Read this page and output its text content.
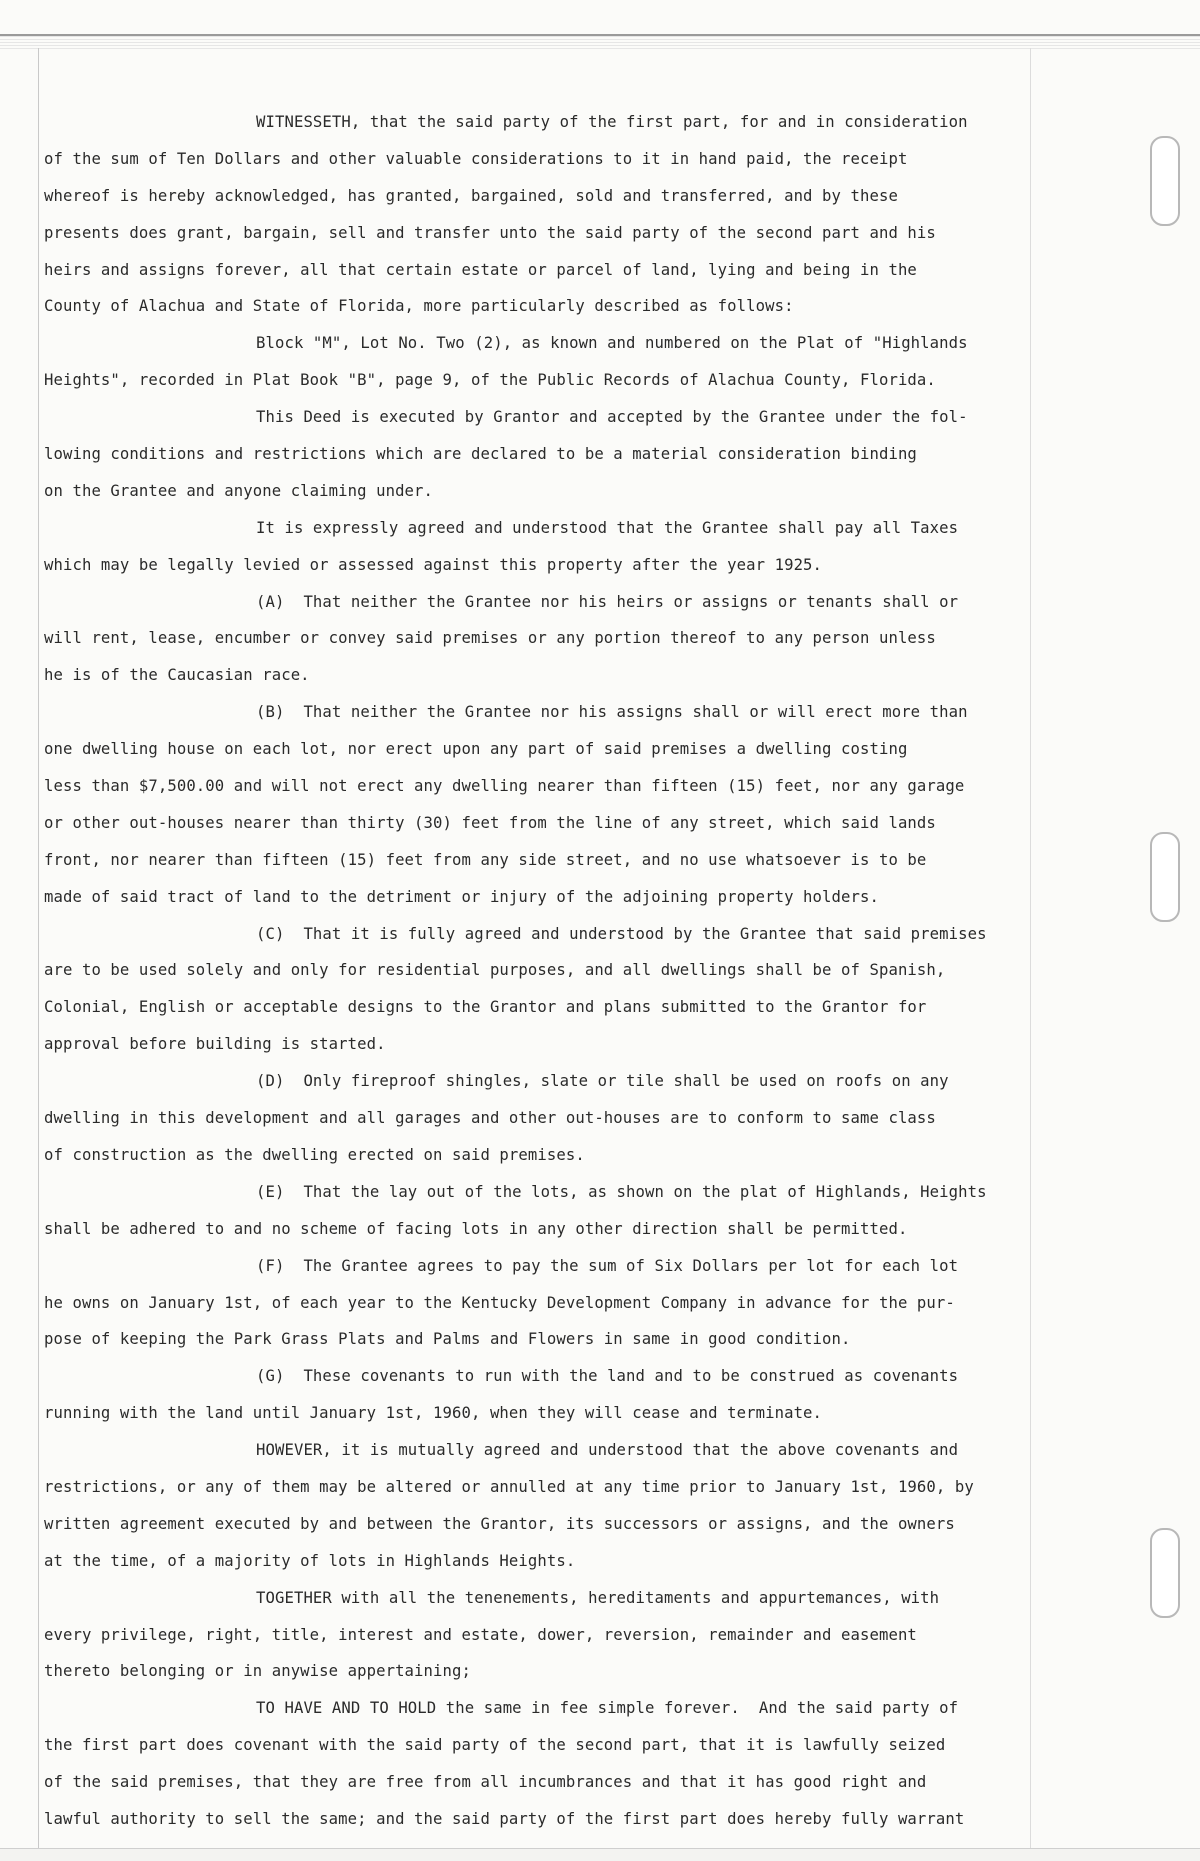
WITNESSETH, that the said party of the first part, for and in consideration
of the sum of Ten Dollars and other valuable considerations to it in hand paid, the receipt
whereof is hereby acknowledged, has granted, bargained, sold and transferred, and by these
presents does grant, bargain, sell and transfer unto the said party of the second part and his
heirs and assigns forever, all that certain estate or parcel of land, lying and being in the
County of Alachua and State of Florida, more particularly described as follows:
Block "M", Lot No. Two (2), as known and numbered on the Plat of "Highlands
Heights", recorded in Plat Book "B", page 9, of the Public Records of Alachua County, Florida.
This Deed is executed by Grantor and accepted by the Grantee under the fol-
lowing conditions and restrictions which are declared to be a material consideration binding
on the Grantee and anyone claiming under.
It is expressly agreed and understood that the Grantee shall pay all Taxes
which may be legally levied or assessed against this property after the year 1925.
(A)  That neither the Grantee nor his heirs or assigns or tenants shall or
will rent, lease, encumber or convey said premises or any portion thereof to any person unless
he is of the Caucasian race.
(B)  That neither the Grantee nor his assigns shall or will erect more than
one dwelling house on each lot, nor erect upon any part of said premises a dwelling costing
less than $7,500.00 and will not erect any dwelling nearer than fifteen (15) feet, nor any garage
or other out-houses nearer than thirty (30) feet from the line of any street, which said lands
front, nor nearer than fifteen (15) feet from any side street, and no use whatsoever is to be
made of said tract of land to the detriment or injury of the adjoining property holders.
(C)  That it is fully agreed and understood by the Grantee that said premises
are to be used solely and only for residential purposes, and all dwellings shall be of Spanish,
Colonial, English or acceptable designs to the Grantor and plans submitted to the Grantor for
approval before building is started.
(D)  Only fireproof shingles, slate or tile shall be used on roofs on any
dwelling in this development and all garages and other out-houses are to conform to same class
of construction as the dwelling erected on said premises.
(E)  That the lay out of the lots, as shown on the plat of Highlands, Heights
shall be adhered to and no scheme of facing lots in any other direction shall be permitted.
(F)  The Grantee agrees to pay the sum of Six Dollars per lot for each lot
he owns on January 1st, of each year to the Kentucky Development Company in advance for the pur-
pose of keeping the Park Grass Plats and Palms and Flowers in same in good condition.
(G)  These covenants to run with the land and to be construed as covenants
running with the land until January 1st, 1960, when they will cease and terminate.
HOWEVER, it is mutually agreed and understood that the above covenants and
restrictions, or any of them may be altered or annulled at any time prior to January 1st, 1960, by
written agreement executed by and between the Grantor, its successors or assigns, and the owners
at the time, of a majority of lots in Highlands Heights.
TOGETHER with all the tenenements, hereditaments and appurtemances, with
every privilege, right, title, interest and estate, dower, reversion, remainder and easement
thereto belonging or in anywise appertaining;
TO HAVE AND TO HOLD the same in fee simple forever.  And the said party of
the first part does covenant with the said party of the second part, that it is lawfully seized
of the said premises, that they are free from all incumbrances and that it has good right and
lawful authority to sell the same; and the said party of the first part does hereby fully warrant
